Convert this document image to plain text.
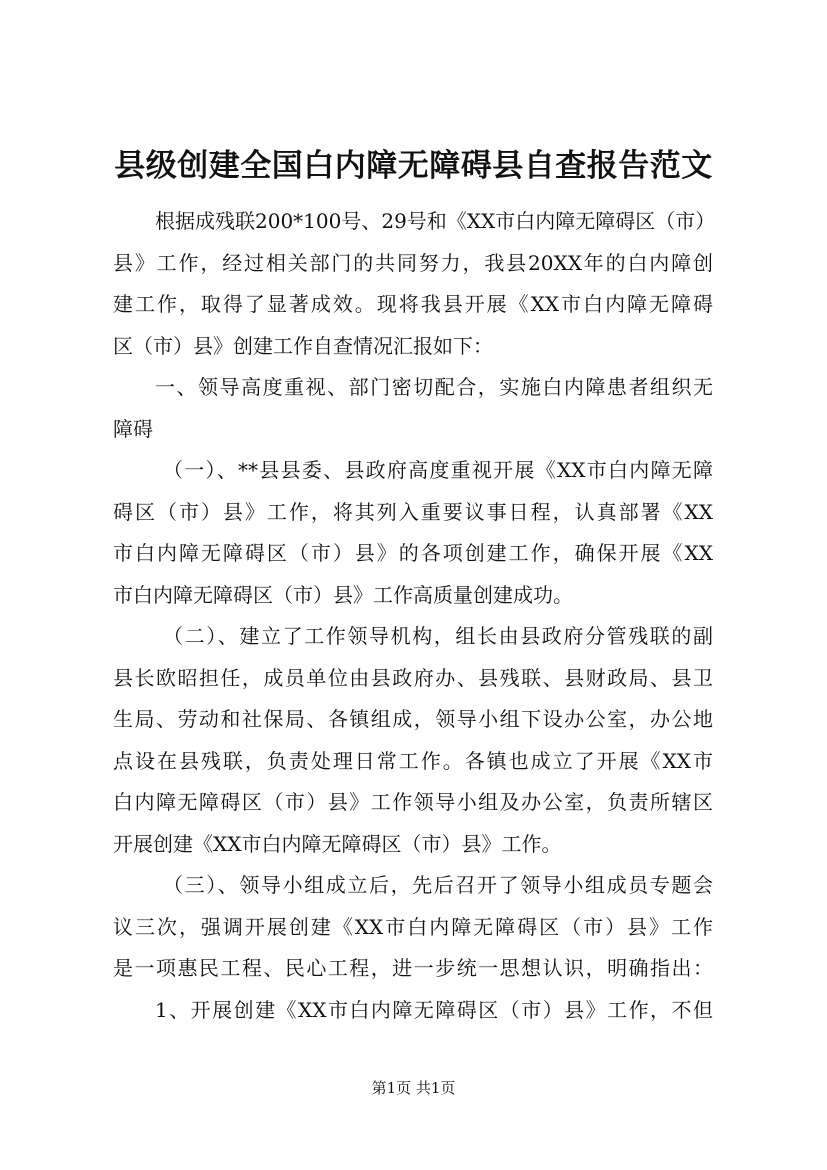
县级创建全国白内障无障碍县自查报告范文
根据成残联200*100号、29号和《XX市白内障无障碍区（市）
县》工作，经过相关部门的共同努力，我县20XX年的白内障创
建工作，取得了显著成效。现将我县开展《XX市白内障无障碍
区（市）县》创建工作自查情况汇报如下：
一、领导高度重视、部门密切配合，实施白内障患者组织无
障碍
（一）、**县县委、县政府高度重视开展《XX市白内障无障
碍区（市）县》工作，将其列入重要议事日程，认真部署《XX
市白内障无障碍区（市）县》的各项创建工作，确保开展《XX
市白内障无障碍区（市）县》工作高质量创建成功。
（二）、建立了工作领导机构，组长由县政府分管残联的副
县长欧昭担任，成员单位由县政府办、县残联、县财政局、县卫
生局、劳动和社保局、各镇组成，领导小组下设办公室，办公地
点设在县残联，负责处理日常工作。各镇也成立了开展《XX市
白内障无障碍区（市）县》工作领导小组及办公室，负责所辖区
开展创建《XX市白内障无障碍区（市）县》工作。
（三）、领导小组成立后，先后召开了领导小组成员专题会
议三次，强调开展创建《XX市白内障无障碍区（市）县》工作
是一项惠民工程、民心工程，进一步统一思想认识，明确指出：
1、开展创建《XX市白内障无障碍区（市）县》工作，不但
第1页 共1页
